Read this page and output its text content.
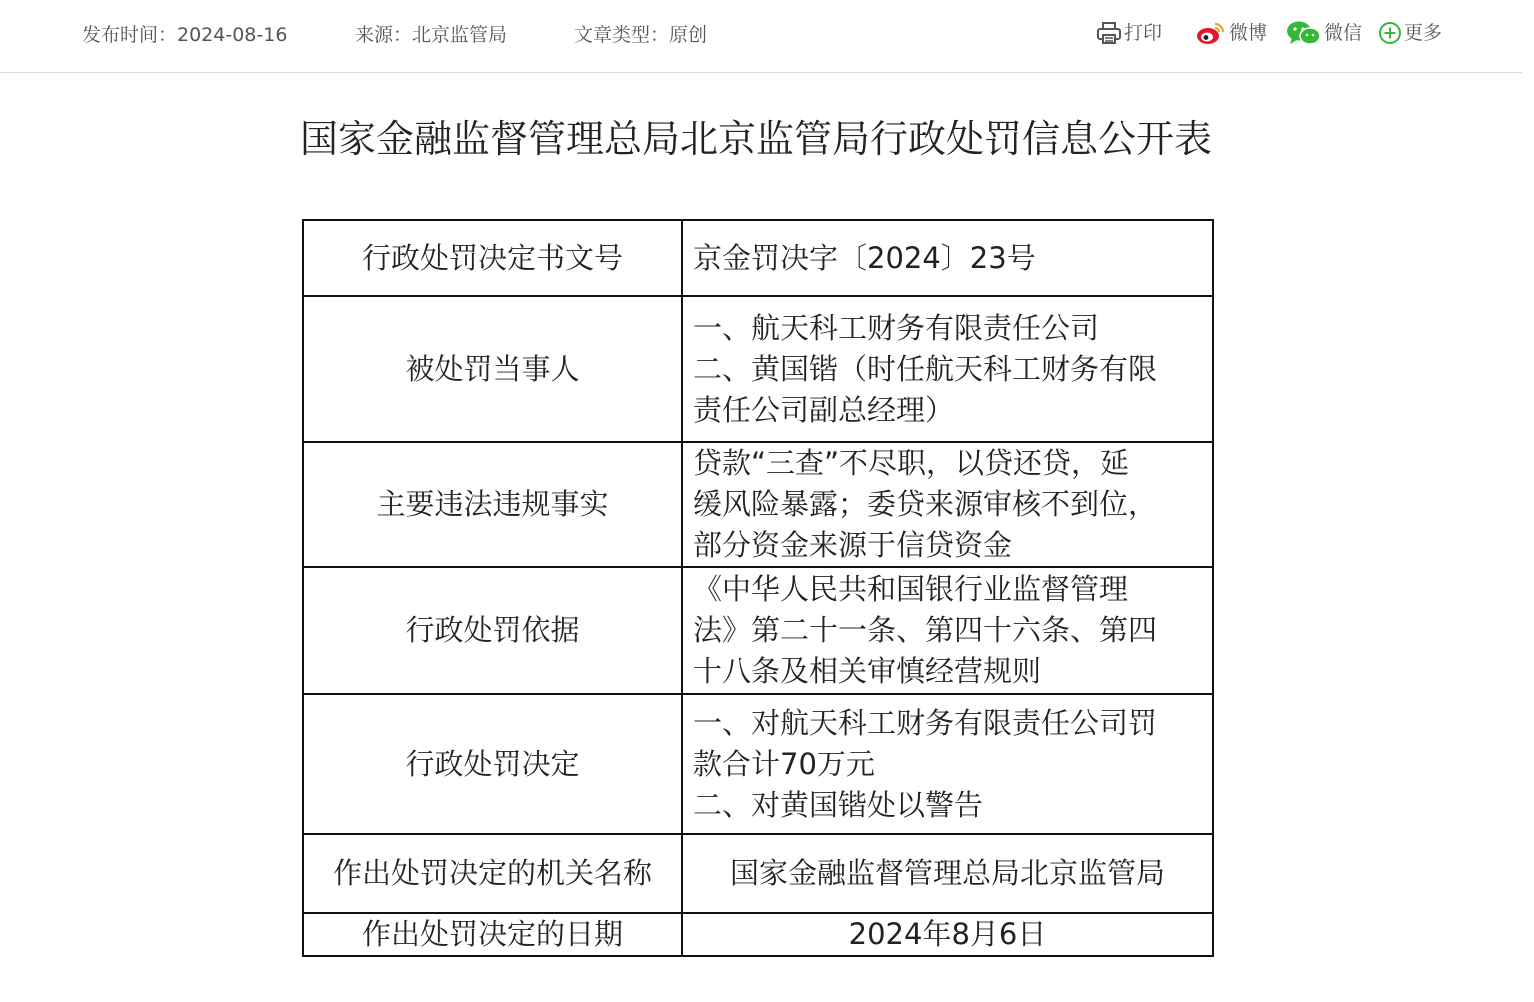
发布时间：2024-08-16	来源：北京监管局	文章类型：原创	打印	微博	微信 更多
国家金融监督管理总局北京监管局行政处罚信息公开表
行政处罚决定书文号	京金罚决字〔2024〕23号

被处罚当事人	一、航天科工财务有限责任公司
二、黄国锴（时任航天科工财务有限
责任公司副总经理）

主要违法违规事实	贷款“三查”不尽职，以贷还贷，延
缓风险暴露；委贷来源审核不到位，
部分资金来源于信贷资金

行政处罚依据	《中华人民共和国银行业监督管理
法》第二十一条、第四十六条、第四
十八条及相关审慎经营规则

行政处罚决定	一、对航天科工财务有限责任公司罚
款合计70万元
二、对黄国锴处以警告

作出处罚决定的机关名称	国家金融监督管理总局北京监管局

作出处罚决定的日期	2024年8月6日
